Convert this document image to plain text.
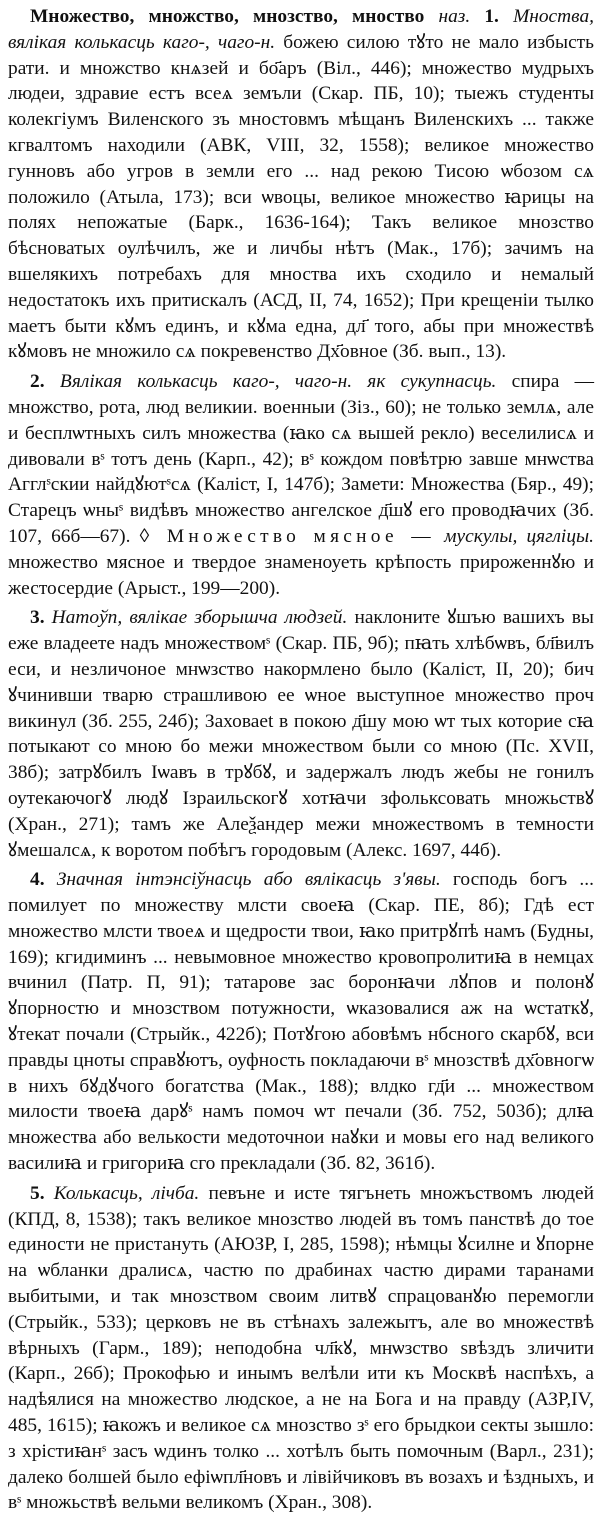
Множество, множство, мнозство, мнoство наз. 1. Мноства, вялікая колькасць каго-, чаго-н. божею силою тꙋто не мало избысть рати. и множство кнѧзей и бо҃аръ (Віл., 446); множество мудрыхъ людеи, здравие естъ всеѧ земъли (Скар. ПБ, 10); тыежъ студенты колекгіумъ Виленского зъ мностовмъ мѣщанъ Виленскихъ ... также кгвалтомъ находили (АВК, VIII, 32, 1558); великое множество гунновъ або угров в земли его ... над рекою Тисою ѡбозом сѧ положило (Атыла, 173); вси ѡвоцы, великое множество ꙗрицы на полях непожатые (Барк., 1636-164); Такъ великое мнозство бѣсноватых оулѣчилъ, же и личбы нѣтъ (Мак., 17б); зачимъ на вшелякихъ потребахъ для мноства ихъ сходило и немалый недостатокъ ихъ притискалъ (АСД, II, 74, 1652); При крещенiи тылко маетъ быти кꙋмъ единъ, и кꙋма една, дл҃ того, абы при множествѣ кꙋмовъ не множило сѧ покревенство Дх҃овное (Зб. вып., 13).

2. Вялікая колькасць каго-, чаго-н. як сукупнасць. спира — множство, рота, люд великии. военныи (Зіз., 60); не только землѧ, але и бесплѡтныхъ силъ множества (ꙗко сѧ вышей рекло) веселилисѧ и дивовали вˢ тотъ день (Карп., 42); вˢ кождом повѣтрю завше мнѡства Агглˢскии найдꙋютˢсѧ (Каліст, І, 147б); Замети: Множества (Бяр., 49); Старецъ ѡныˢ видѣвъ множество ангелское д҃шꙋ его проводꙗчих (Зб. 107, 66б—67). ◊ Множество мясное — мускулы, цягліцы. множество мясное и твердое знаменоуеть крѣпость прироженнꙋю и жестосердие (Арыст., 199—200).

3. Натоўп, вялікае зборышча людзей. наклоните ꙋшъю вашихъ вы еже владеете надъ множествомˢ (Скар. ПБ, 9б); пꙗть хлѣбѡвъ, бл҃вилъ еси, и незличоное мнѡзство накормлено было (Каліст, II, 20); бич ꙋчинивши тварю страшливою ее ѡное выступное множество проч викинул (Зб. 255, 24б); Заховаеt в покою д҃шу мою ѡт тых которие сꙗ потыкают со мною бо межи множеством были со мною (Пс. XVII, 38б); затрꙋбилъ Іѡавъ в трꙋбꙋ, и задержалъ людъ жебы не гонилъ оутекаючогꙋ людꙋ Ізраильскогꙋ хотꙗчи зфольксовать множьствꙋ (Хран., 271); тамъ же Алеѯандер межи множествомъ в темности ꙋмешалсѧ, к воротом побѣгъ городовым (Алекс. 1697, 44б).

4. Значная інтэнсіўнасць або вялікасць з'явы. господь богъ ... помилует по множеству млсти своеꙗ (Скар. ПЕ, 8б); Гдѣ ест множество млсти твоеѧ и щедрости твои, ꙗко притрꙋпѣ намъ (Будны, 169); кгидиминъ ... невымовное множество кровопролитиꙗ в немцах вчинил (Патр. П, 91); татарове зас боронꙗчи лꙋпов и полонꙋ ꙋпорностю и мнозством потужности, ѡказовалися аж на ѡстаткꙋ, ꙋтекат почали (Стрыйк., 422б); Потꙋгою абовѣмъ нбсного скарбꙋ, вси правды цноты справꙋютъ, оуфность покладаючи вˢ мнозствѣ дх҃овногѡ в нихъ бꙋдꙋчого богатства (Мак., 188); влдко гд҃и ... множеством милости твоеꙗ дарꙋˢ намъ помоч ѡт печали (Зб. 752, 503б); длꙗ множества або велькости медоточнои наꙋки и мовы его над великого василиꙗ и григориꙗ сго прекладали (Зб. 82, 361б).

5. Колькасць, лічба. певъне и исте тягънеть множъствомъ людей (КПД, 8, 1538); такъ великое мнозство людей въ томъ панствѣ до тое единости не пристануть (АЮЗР, І, 285, 1598); нѣмцы ꙋсилне и ꙋпорне на ѡбланки дралисѧ, частю по драбинах частю дирами таранами выбитыми, и так мнозством своим литвꙋ спрацованꙋю перемогли (Стрыйк., 533); церковъ не въ стѣнахъ залежытъ, але во множествѣ вѣрныхъ (Гарм., 189); неподобна чл҃кꙋ, мнѡзство ѕвѣздъ зличити (Карп., 26б); Прокофью и инымъ велѣли ити къ Москвѣ наспѣхъ, а надѣялися на множество людское, а не на Бога и на правду (АЗР,IV, 485, 1615); ꙗкожъ и великое сѧ мнозство зˢ его брыдкои секты зышло: з хрістиꙗнˢ засъ ѡдинъ толко ... хотѣлъ быть помочным (Варл., 231); далеко болшей было ефіѡпл҃новъ и лівійчиковъ въ возахъ и ѣздныхъ, и вˢ множьствѣ вельми великомъ (Хран., 308).
